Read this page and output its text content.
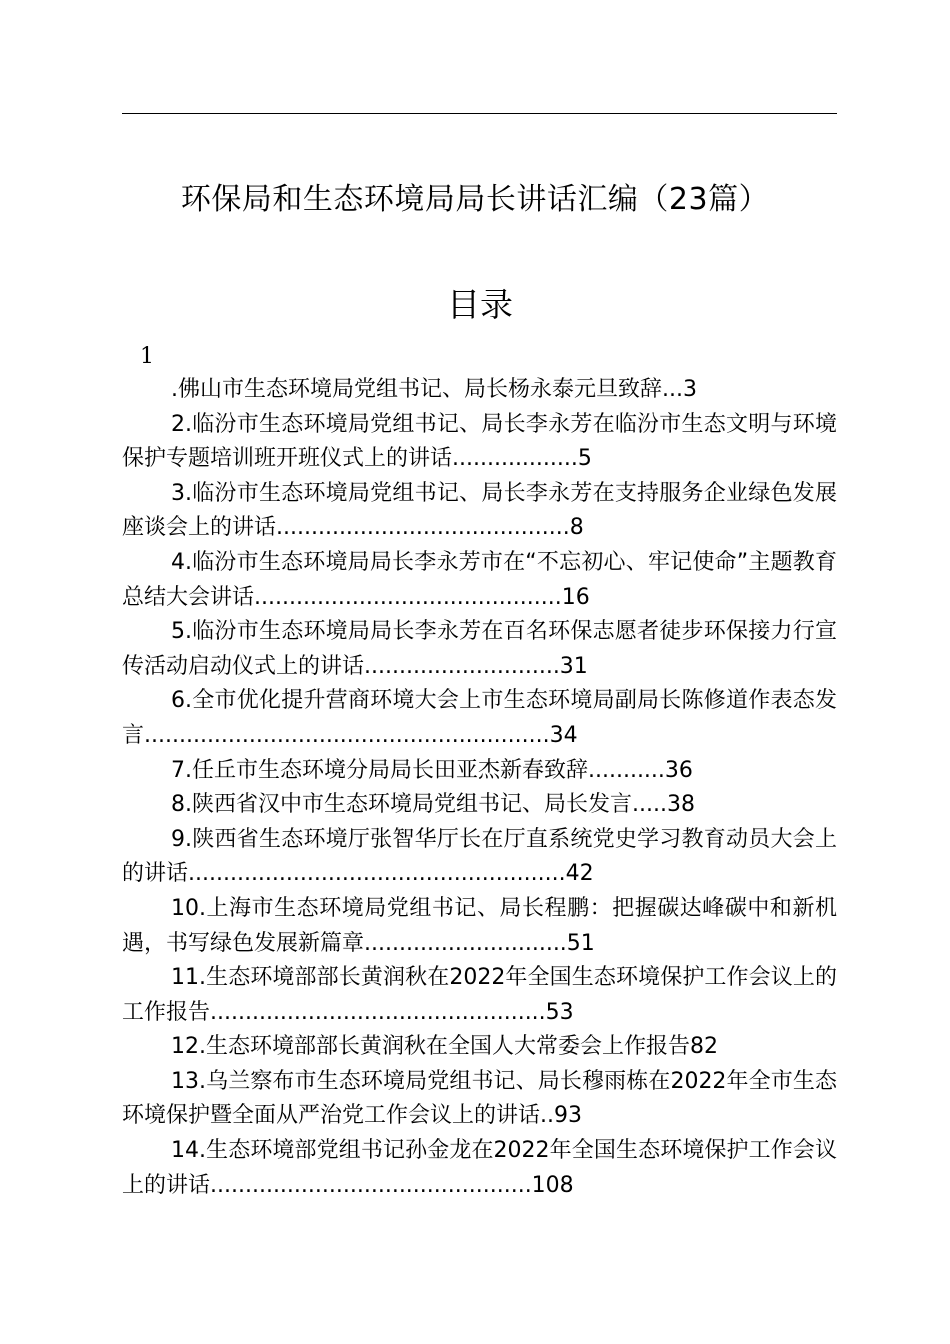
环保局和生态环境局局长讲话汇编（23篇）
目录
1
.佛山市生态环境局党组书记、局长杨永泰元旦致辞...3
2.临汾市生态环境局党组书记、局长李永芳在临汾市生态文明与环境保护专题培训班开班仪式上的讲话..................5
3.临汾市生态环境局党组书记、局长李永芳在支持服务企业绿色发展座谈会上的讲话..........................................8
4.临汾市生态环境局局长李永芳市在“不忘初心、牢记使命”主题教育总结大会讲话............................................16
5.临汾市生态环境局局长李永芳在百名环保志愿者徒步环保接力行宣传活动启动仪式上的讲话............................31
6.全市优化提升营商环境大会上市生态环境局副局长陈修道作表态发言..........................................................34
7.任丘市生态环境分局局长田亚杰新春致辞...........36
8.陕西省汉中市生态环境局党组书记、局长发言.....38
9.陕西省生态环境厅张智华厅长在厅直系统党史学习教育动员大会上的讲话......................................................42
10.上海市生态环境局党组书记、局长程鹏：把握碳达峰碳中和新机遇，书写绿色发展新篇章.............................51
11.生态环境部部长黄润秋在2022年全国生态环境保护工作会议上的工作报告................................................53
12.生态环境部部长黄润秋在全国人大常委会上作报告82
13.乌兰察布市生态环境局党组书记、局长穆雨栋在2022年全市生态环境保护暨全面从严治党工作会议上的讲话..93
14.生态环境部党组书记孙金龙在2022年全国生态环境保护工作会议上的讲话..............................................108
